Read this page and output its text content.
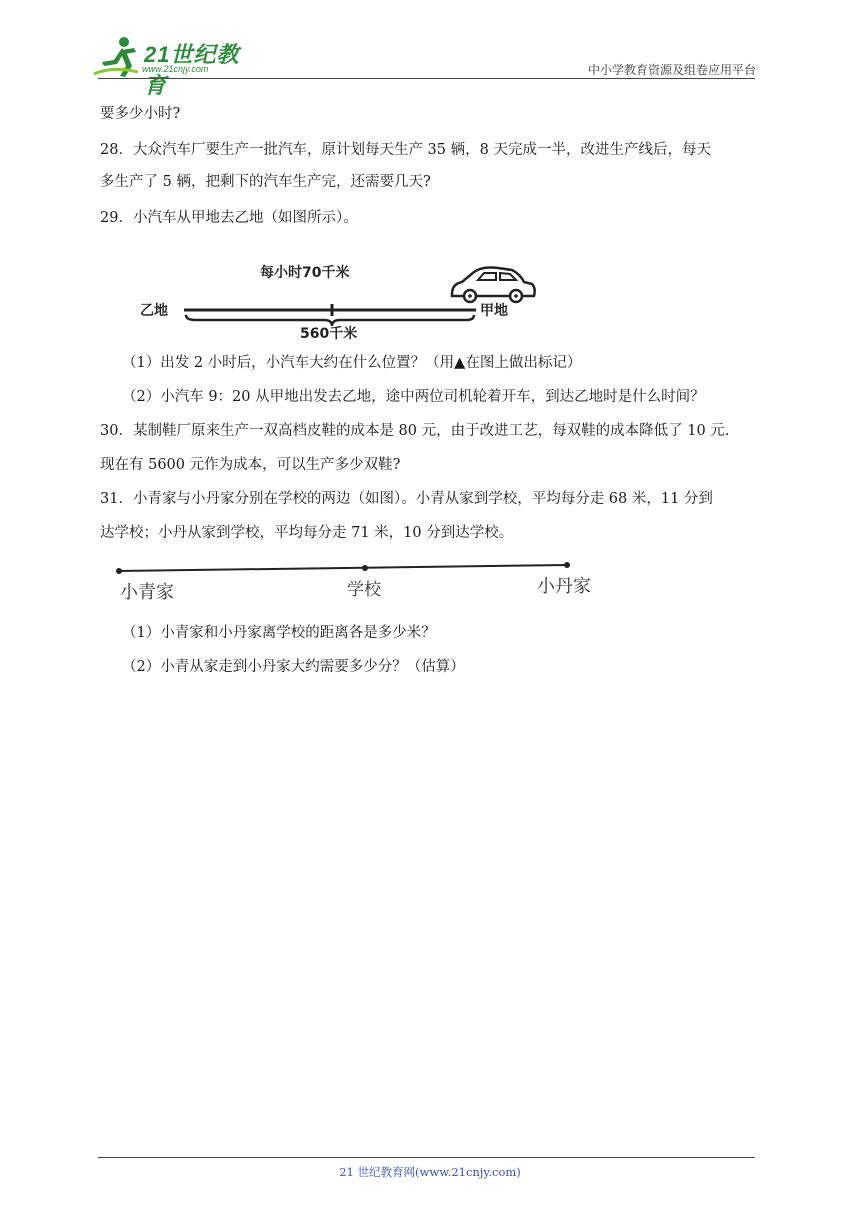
21世纪教育
www.21cnjy.com	中小学教育资源及组卷应用平台
要多少小时?
28．大众汽车厂要生产一批汽车，原计划每天生产 35 辆，8 天完成一半，改进生产线后，每天
多生产了 5 辆，把剩下的汽车生产完，还需要几天?
29．小汽车从甲地去乙地（如图所示）。
每小时70千米
乙地	甲地
560千米
（1）出发 2 小时后，小汽车大约在什么位置？（用▲在图上做出标记）
（2）小汽车 9：20 从甲地出发去乙地，途中两位司机轮着开车，到达乙地时是什么时间？
30．某制鞋厂原来生产一双高档皮鞋的成本是 80 元，由于改进工艺，每双鞋的成本降低了 10 元.
现在有 5600 元作为成本，可以生产多少双鞋?
31．小青家与小丹家分别在学校的两边（如图）。小青从家到学校，平均每分走 68 米，11 分到
达学校；小丹从家到学校，平均每分走 71 米，10 分到达学校。
小青家	学校	小丹家
（1）小青家和小丹家离学校的距离各是多少米？
（2）小青从家走到小丹家大约需要多少分？（估算）
21 世纪教育网(www.21cnjy.com)
